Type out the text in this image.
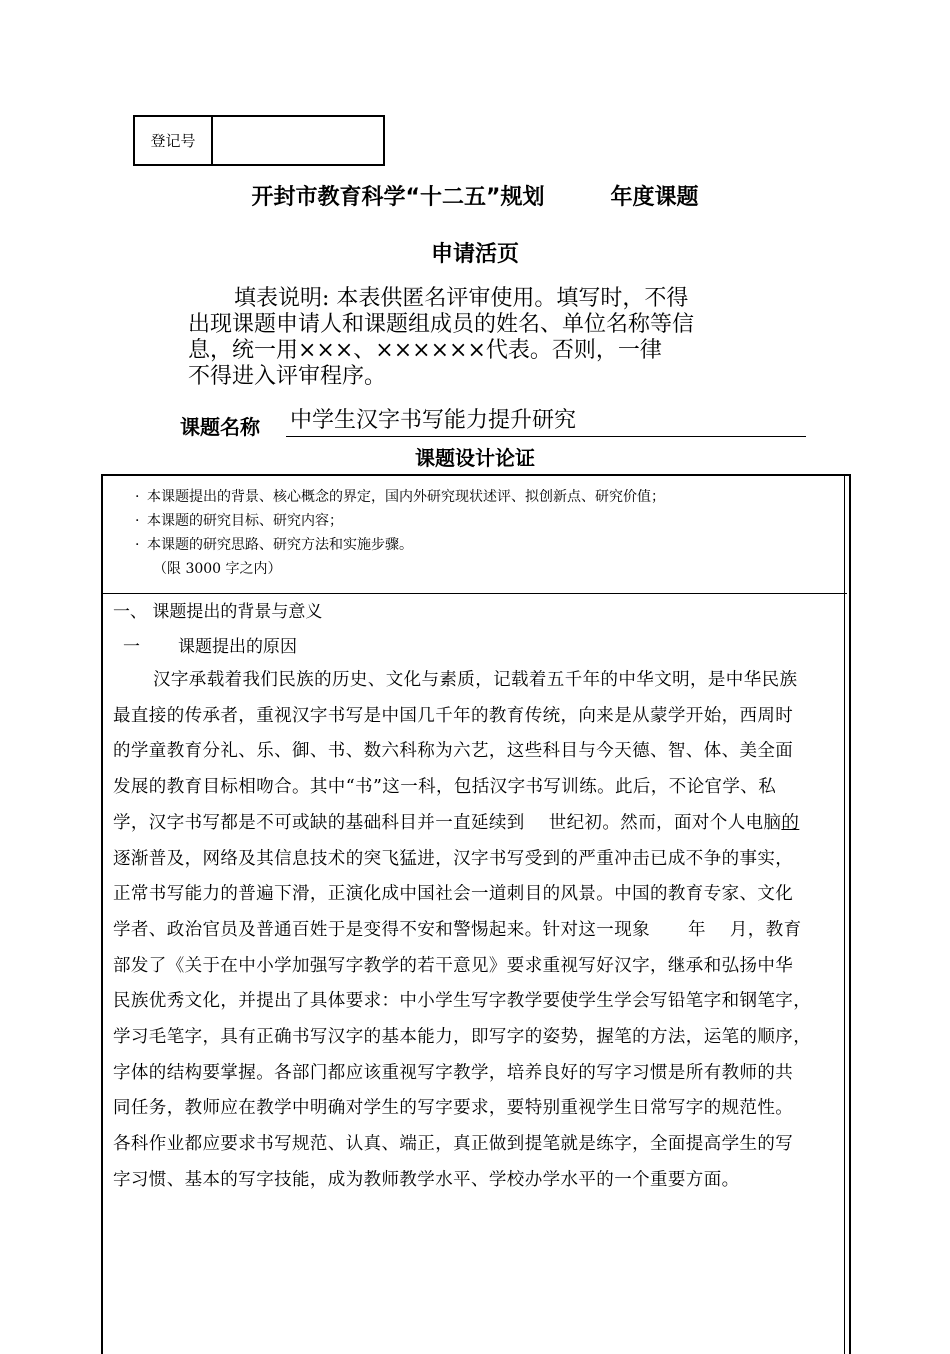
登记号
开封市教育科学“十二五”规划	年度课题
申请活页
填表说明: 本表供匿名评审使用。填写时，不得
出现课题申请人和课题组成员的姓名、单位名称等信
息，统一用×××、××××××代表。否则，一律
不得进入评审程序。
课题名称 中学生汉字书写能力提升研究
课题设计论证
· 本课题提出的背景、核心概念的界定，国内外研究现状述评、拟创新点、研究价值；
· 本课题的研究目标、研究内容；
· 本课题的研究思路、研究方法和实施步骤。
（限 3000 字之内）
一、 课题提出的背景与意义
一 课题提出的原因
汉字承载着我们民族的历史、文化与素质，记载着五千年的中华文明，是中华民族
最直接的传承者，重视汉字书写是中国几千年的教育传统，向来是从蒙学开始，西周时
的学童教育分礼、乐、御、书、数六科称为六艺，这些科目与今天德、智、体、美全面
发展的教育目标相吻合。其中“书”这一科，包括汉字书写训练。此后，不论官学、私
学，汉字书写都是不可或缺的基础科目并一直延续到 世纪初。然而，面对个人电脑的
逐渐普及，网络及其信息技术的突飞猛进，汉字书写受到的严重冲击已成不争的事实，
正常书写能力的普遍下滑，正演化成中国社会一道刺目的风景。中国的教育专家、文化
学者、政治官员及普通百姓于是变得不安和警惕起来。针对这一现象 年 月，教育
部发了《关于在中小学加强写字教学的若干意见》要求重视写好汉字，继承和弘扬中华
民族优秀文化，并提出了具体要求：中小学生写字教学要使学生学会写铅笔字和钢笔字，
学习毛笔字，具有正确书写汉字的基本能力，即写字的姿势，握笔的方法，运笔的顺序，
字体的结构要掌握。各部门都应该重视写字教学，培养良好的写字习惯是所有教师的共
同任务，教师应在教学中明确对学生的写字要求，要特别重视学生日常写字的规范性。
各科作业都应要求书写规范、认真、端正，真正做到提笔就是练字，全面提高学生的写
字习惯、基本的写字技能，成为教师教学水平、学校办学水平的一个重要方面。
